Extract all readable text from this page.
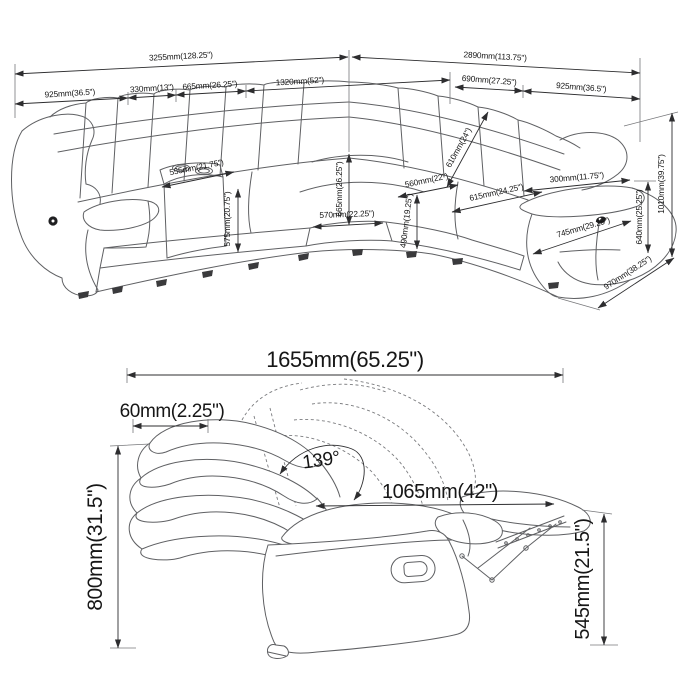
3255mm(128.25")	2890mm(113.75")
925mm(36.5")	330mm(13") 665mm(26.25")	1320mm(52")	690mm(27.25")	925mm(36.5")
555mm(21.75")
575mm(20.75")
665mm(26.25")
570mm(22.25")
560mm(22")
490mm(19.25")
615mm(24.25")
610mm(24")
300mm(11.75")
745mm(29.25")	640mm(25.25")
1010mm(39.75")
970mm(38.25")
1655mm(65.25")
60mm(2.25")
139°
1065mm(42")
800mm(31.5")	545mm(21.5")
